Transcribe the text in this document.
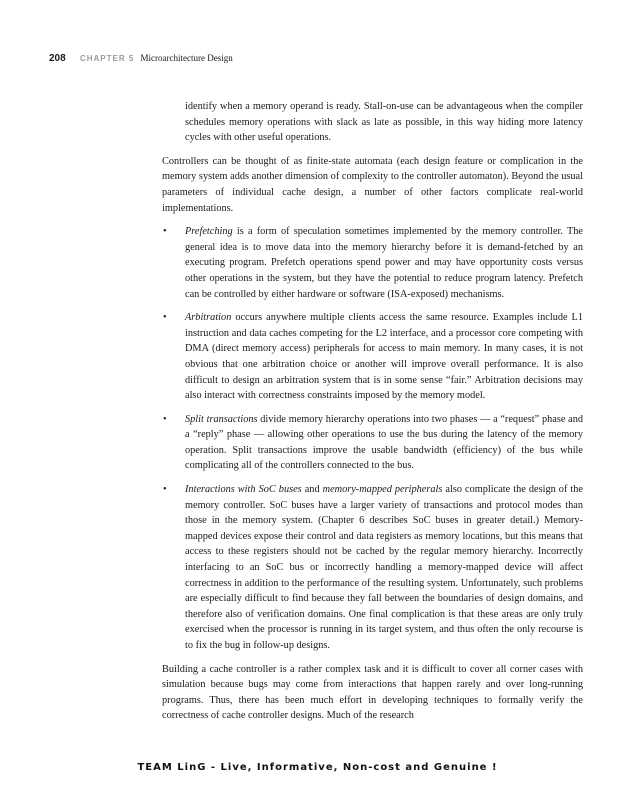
208 CHAPTER 5 Microarchitecture Design

identify when a memory operand is ready. Stall-on-use can be advantageous when the compiler schedules memory operations with slack as late as possible, in this way hiding more latency cycles with other useful operations.

Controllers can be thought of as finite-state automata (each design feature or complication in the memory system adds another dimension of complexity to the controller automaton). Beyond the usual parameters of individual cache design, a number of other factors complicate real-world implementations.

• Prefetching is a form of speculation sometimes implemented by the memory controller. The general idea is to move data into the memory hierarchy before it is demand-fetched by an executing program. Prefetch operations spend power and may have opportunity costs versus other operations in the system, but they have the potential to reduce program latency. Prefetch can be controlled by either hardware or software (ISA-exposed) mechanisms.
• Arbitration occurs anywhere multiple clients access the same resource. Examples include L1 instruction and data caches competing for the L2 interface, and a processor core competing with DMA (direct memory access) peripherals for access to main memory. In many cases, it is not obvious that one arbitration choice or another will improve overall performance. It is also difficult to design an arbitration system that is in some sense “fair.” Arbitration decisions may also interact with correctness constraints imposed by the memory model.
• Split transactions divide memory hierarchy operations into two phases — a “request” phase and a “reply” phase — allowing other operations to use the bus during the latency of the memory operation. Split transactions improve the usable bandwidth (efficiency) of the bus while complicating all of the controllers connected to the bus.
• Interactions with SoC buses and memory-mapped peripherals also complicate the design of the memory controller. SoC buses have a larger variety of transactions and protocol modes than those in the memory system. (Chapter 6 describes SoC buses in greater detail.) Memory-mapped devices expose their control and data registers as memory locations, but this means that access to these registers should not be cached by the regular memory hierarchy. Incorrectly interfacing to an SoC bus or incorrectly handling a memory-mapped device will affect correctness in addition to the performance of the resulting system. Unfortunately, such problems are especially difficult to find because they fall between the boundaries of design domains, and therefore also of verification domains. One final complication is that these areas are only truly exercised when the processor is running in its target system, and thus often the only recourse is to fix the bug in follow-up designs.

Building a cache controller is a rather complex task and it is difficult to cover all corner cases with simulation because bugs may come from interactions that happen rarely and over long-running programs. Thus, there has been much effort in developing techniques to formally verify the correctness of cache controller designs. Much of the research

TEAM LinG - Live, Informative, Non-cost and Genuine !
